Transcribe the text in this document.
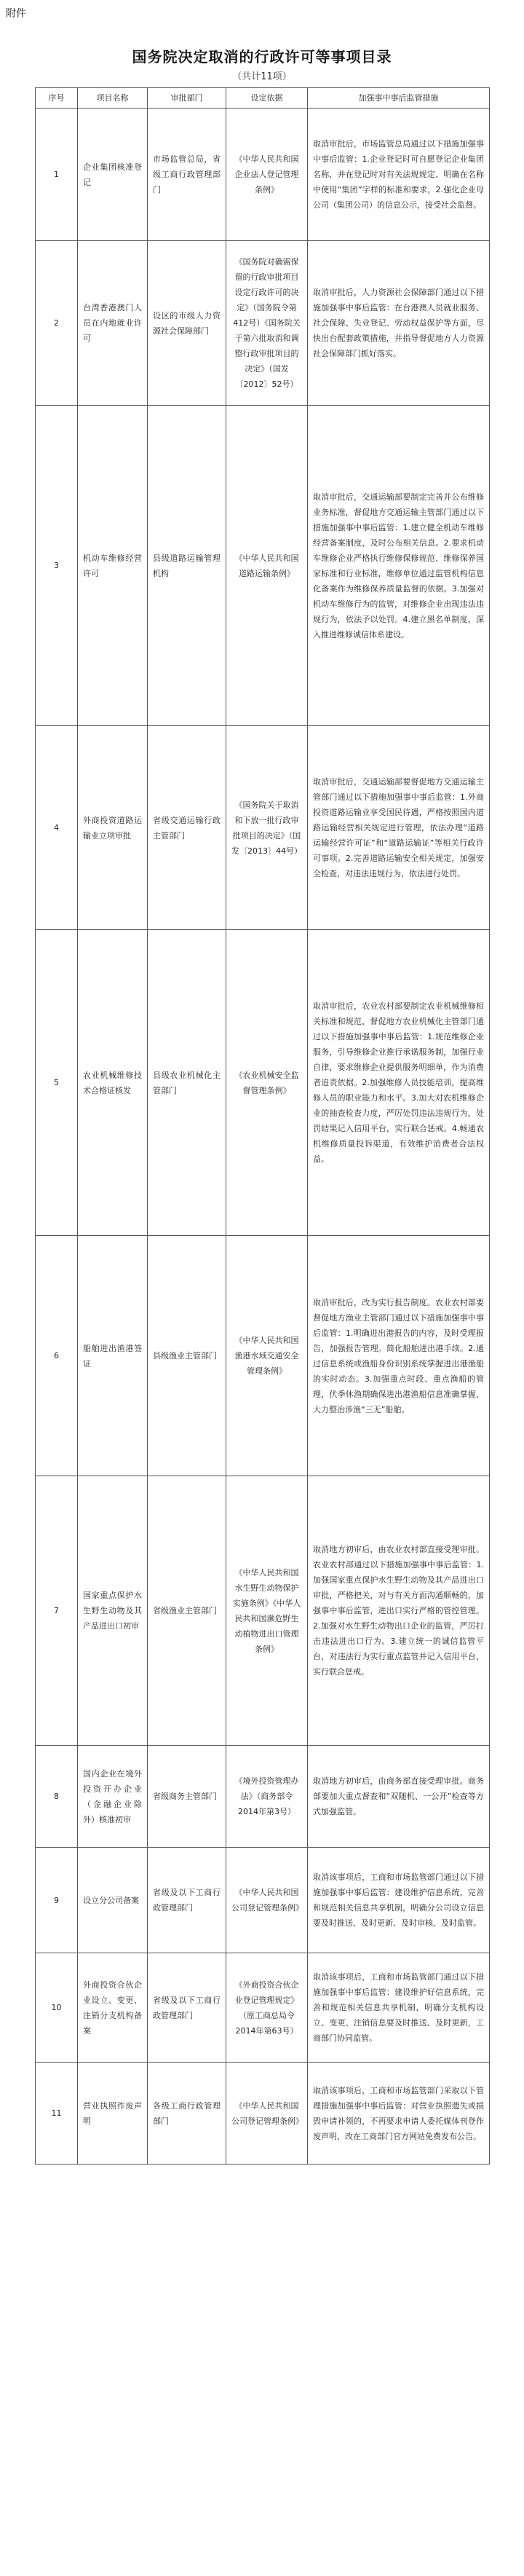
附件
国务院决定取消的行政许可等事项目录
（共计11项）
序号	项目名称	审批部门	设定依据	加强事中事后监管措施
1	企业集团核准登记	市场监管总局，省级工商行政管理部门	《中华人民共和国企业法人登记管理条例》	取消审批后，市场监管总局通过以下措施加强事中事后监管：1.企业登记时可自愿登记企业集团名称，并在登记时对有关法规规定、明确在名称中使用“集团”字样的标准和要求，2.强化企业母公司（集团公司）的信息公示，接受社会监督。
2	台湾香港澳门人员在内地就业许可	设区的市级人力资源社会保障部门	《国务院对确需保留的行政审批项目设定行政许可的决定》（国务院令第412号）《国务院关于第六批取消和调整行政审批项目的决定》（国发〔2012〕52号）	取消审批后，人力资源社会保障部门通过以下措施加强事中事后监管：在台港澳人员就业服务、社会保障、失业登记、劳动权益保护等方面，尽快出台配套政策措施，并指导督促地方人力资源社会保障部门抓好落实。
3	机动车维修经营许可	县级道路运输管理机构	《中华人民共和国道路运输条例》	取消审批后，交通运输部要制定完善并公布维修业务标准，督促地方交通运输主管部门通过以下措施加强事中事后监管：1.建立健全机动车维修经营备案制度，及时公布相关信息。2.要求机动车维修企业严格执行维修保修规范、维修保养国家标准和行业标准，维修单位通过监管机构信息化备案作为维修保养质量监督的依据。3.加强对机动车维修行为的监管，对维修企业出现违法违规行为，依法予以处罚。4.建立黑名单制度，深入推进维修诚信体系建设。
4	外商投资道路运输业立项审批	省级交通运输行政主管部门	《国务院关于取消和下放一批行政审批项目的决定》（国发〔2013〕44号）	取消审批后，交通运输部要督促地方交通运输主管部门通过以下措施加强事中事后监管：1.外商投资道路运输业享受国民待遇，严格按照国内道路运输经营相关规定进行管理，依法办理“道路运输经营许可证”和“道路运输证”等相关行政许可事项。2.完善道路运输安全相关规定，加强安全检查，对违法违规行为，依法进行处罚。
5	农业机械维修技术合格证核发	县级农业机械化主管部门	《农业机械安全监督管理条例》	取消审批后，农业农村部要制定农业机械维修相关标准和规范，督促地方农业机械化主管部门通过以下措施加强事中事后监管：1.规范维修企业服务，引导维修企业推行承诺服务制，加强行业自律，要求维修企业提供服务明细单，作为消费者追责依据。2.加强维修人员技能培训，提高维修人员的职业能力和水平。3.加大对农机维修企业的抽查检查力度，严厉处罚违法违规行为，处罚结果记入信用平台，实行联合惩戒。4.畅通农机维修质量投诉渠道，有效维护消费者合法权益。
6	船舶进出渔港签证	县级渔业主管部门	《中华人民共和国渔港水域交通安全管理条例》	取消审批后，改为实行报告制度。农业农村部要督促地方渔业主管部门通过以下措施加强事中事后监管：1.明确进出港报告的内容，及时受理报告，加强报告管理。简化船舶进出港手续。2.通过信息系统或渔船身份识别系统掌握进出港渔船的实时动态。3.加强重点时段、重点渔船的管理，伏季休渔期确保进出港渔船信息准确掌握，大力整治涉渔“三无”船舶。
7	国家重点保护水生野生动物及其产品进出口初审	省级渔业主管部门	《中华人民共和国水生野生动物保护实施条例》《中华人民共和国濒危野生动植物进出口管理条例》	取消地方初审后，由农业农村部直接受理审批。农业农村部通过以下措施加强事中事后监管：1.加强国家重点保护水生野生动物及其产品进出口审批，严格把关，对与有关方面沟通顺畅的，加强事中事后监管，进出口实行严格的管控管理。2.加强对水生野生动物出口企业的监管，严厉打击违法进出口行为。3.建立统一的诚信监管平台，对违法行为实行重点监管并记入信用平台，实行联合惩戒。
8	国内企业在境外投资开办企业（金融企业除外）核准初审	省级商务主管部门	《境外投资管理办法》（商务部令2014年第3号）	取消地方初审后，由商务部直接受理审批。商务部要加大重点督查和“双随机、一公开”检查等方式加强监管。
9	设立分公司备案	省级及以下工商行政管理部门	《中华人民共和国公司登记管理条例》	取消该事项后，工商和市场监管部门通过以下措施加强事中事后监管：建设维护信息系统，完善和规范相关信息共享机制，明确分公司设立信息要及时推送、及时更新、及时审核、及时监管。
10	外商投资合伙企业设立、变更、注销分支机构备案	省级及以下工商行政管理部门	《外商投资合伙企业登记管理规定》（原工商总局令2014年第63号）	取消该事项后，工商和市场监管部门通过以下措施加强事中事后监管：建设维护好信息系统，完善和规范相关信息共享机制，明确分支机构设立、变更、注销信息要及时推送、及时更新，工商部门协同监管。
11	营业执照作废声明	各级工商行政管理部门	《中华人民共和国公司登记管理条例》	取消该事项后，工商和市场监管部门采取以下管理措施加强事中事后监管：对营业执照遗失或损毁申请补领的，不再要求申请人委托媒体刊登作废声明，改在工商部门官方网站免费发布公告。
